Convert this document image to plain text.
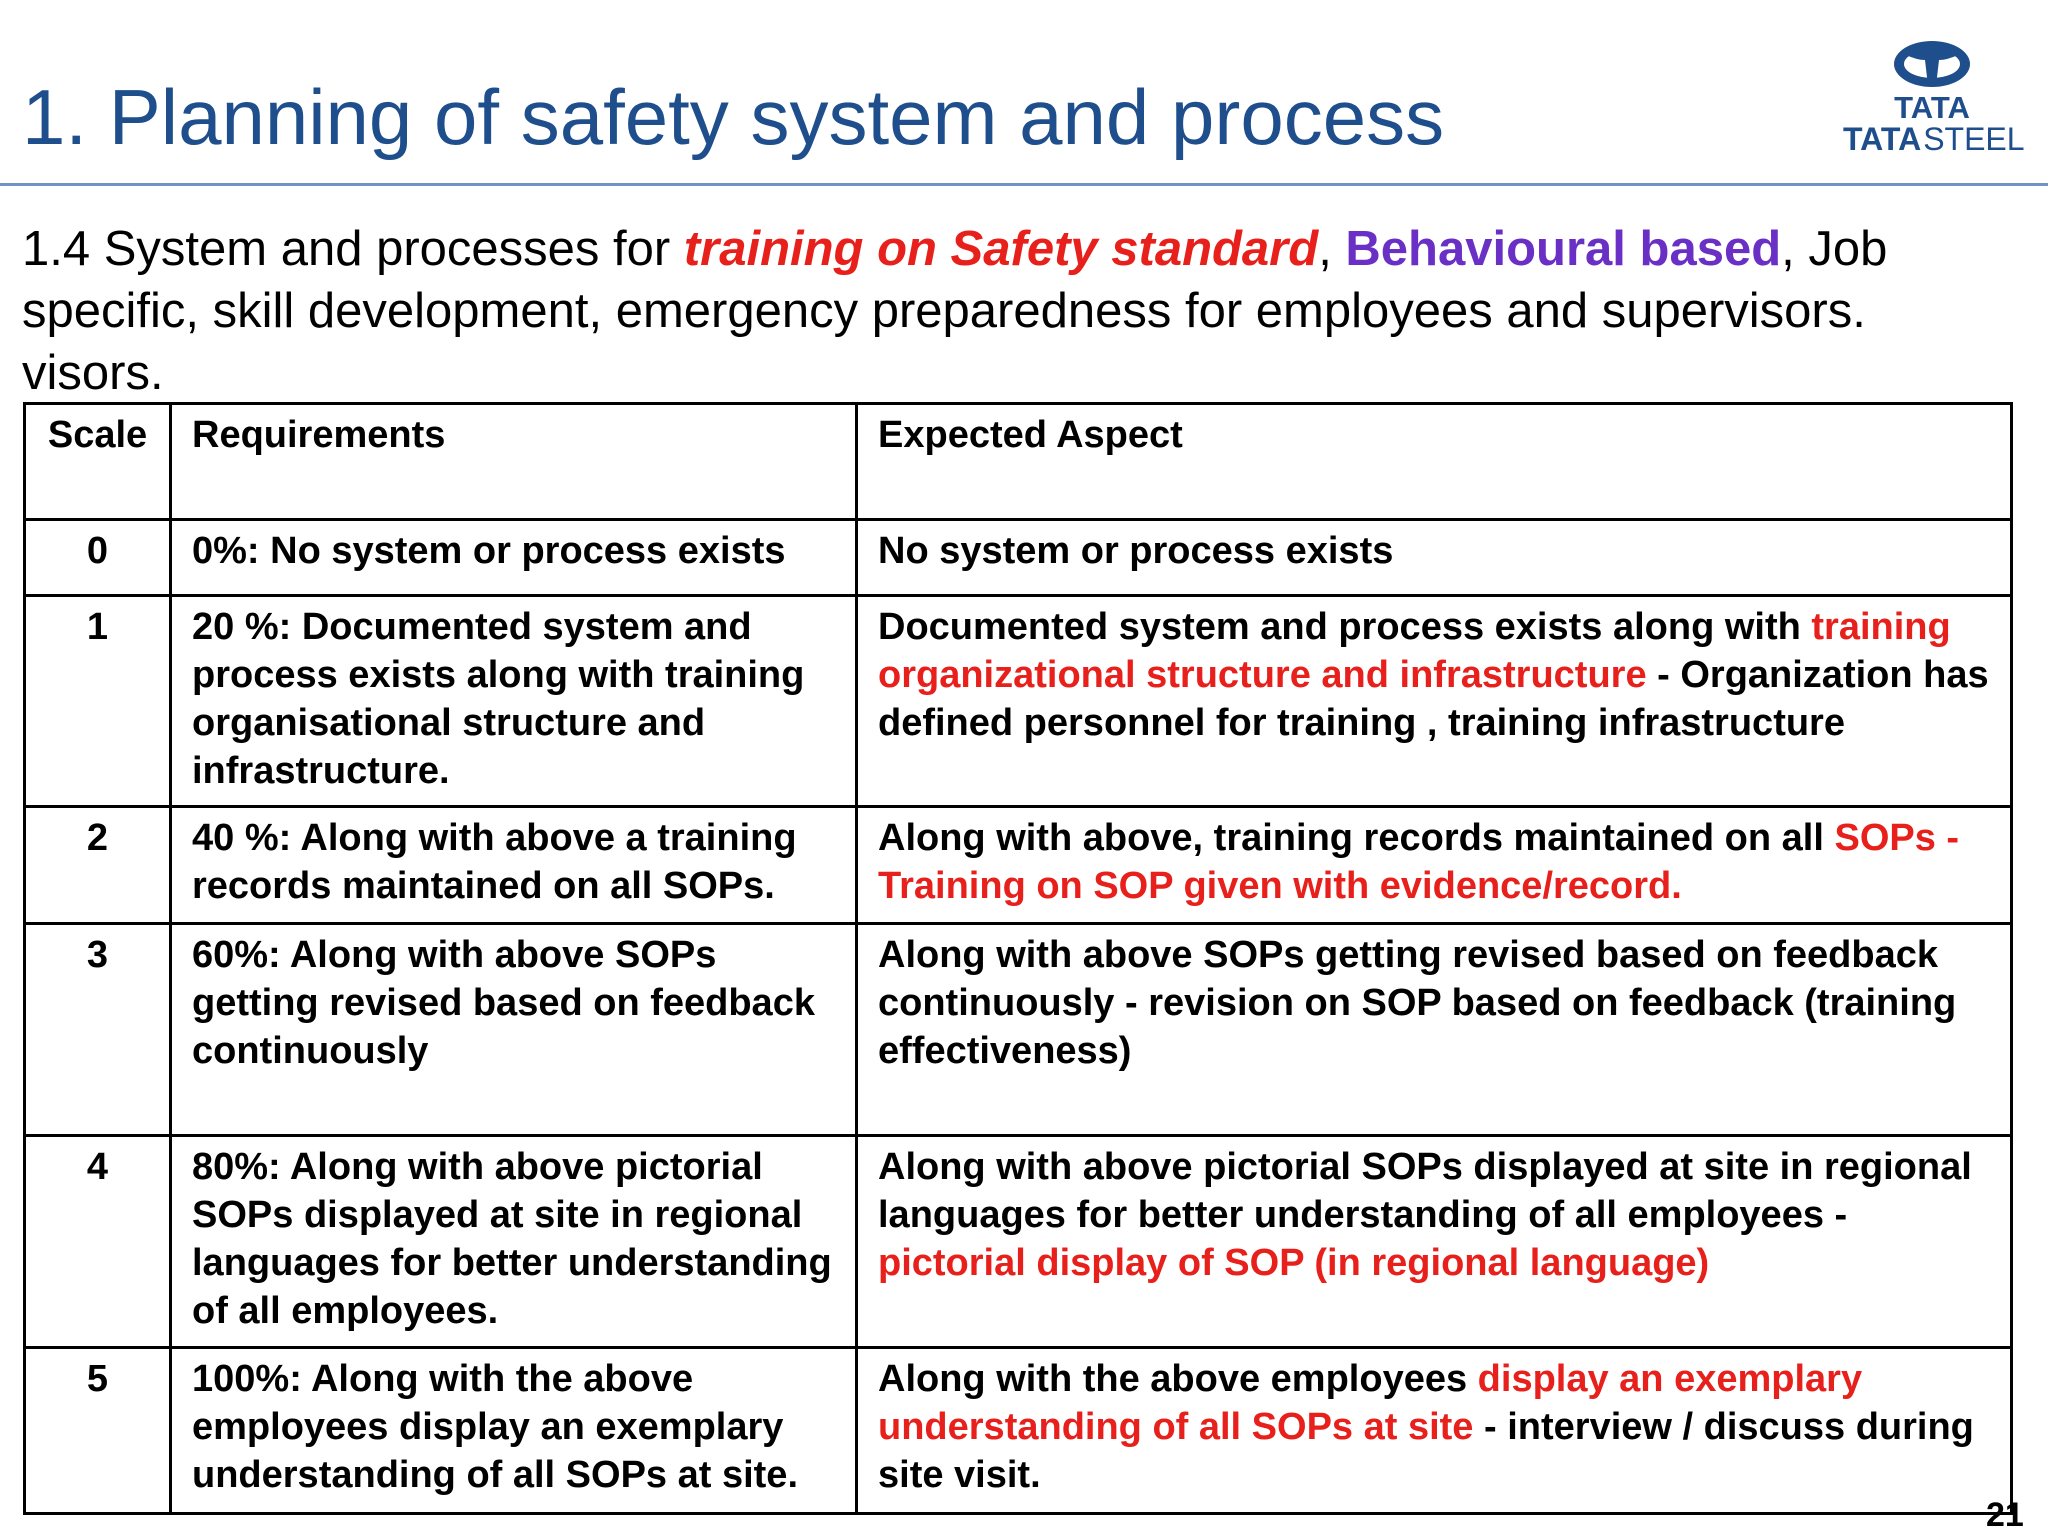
1. Planning of safety system and process	TATA
TATASTEEL

1.4 System and processes for training on Safety standard, Behavioural based, Job specific, skill development, emergency preparedness for employees and supervisors.
visors.

Scale	Requirements	Expected Aspect
0	0%: No system or process exists	No system or process exists
1	20 %: Documented system and process exists along with training organisational structure and infrastructure.	Documented system and process exists along with training organizational structure and infrastructure - Organization has defined personnel for training , training infrastructure
2	40 %: Along with above a training records maintained on all SOPs.	Along with above, training records maintained on all SOPs - Training on SOP given with evidence/record.
3	60%: Along with above SOPs getting revised based on feedback continuously	Along with above SOPs getting revised based on feedback continuously - revision on SOP based on feedback (training effectiveness)
4	80%: Along with above pictorial SOPs displayed at site in regional languages for better understanding of all employees.	Along with above pictorial SOPs displayed at site in regional languages for better understanding of all employees - pictorial display of SOP (in regional language)
5	100%: Along with the above employees display an exemplary understanding of all SOPs at site.	Along with the above employees display an exemplary understanding of all SOPs at site - interview / discuss during site visit.
21
